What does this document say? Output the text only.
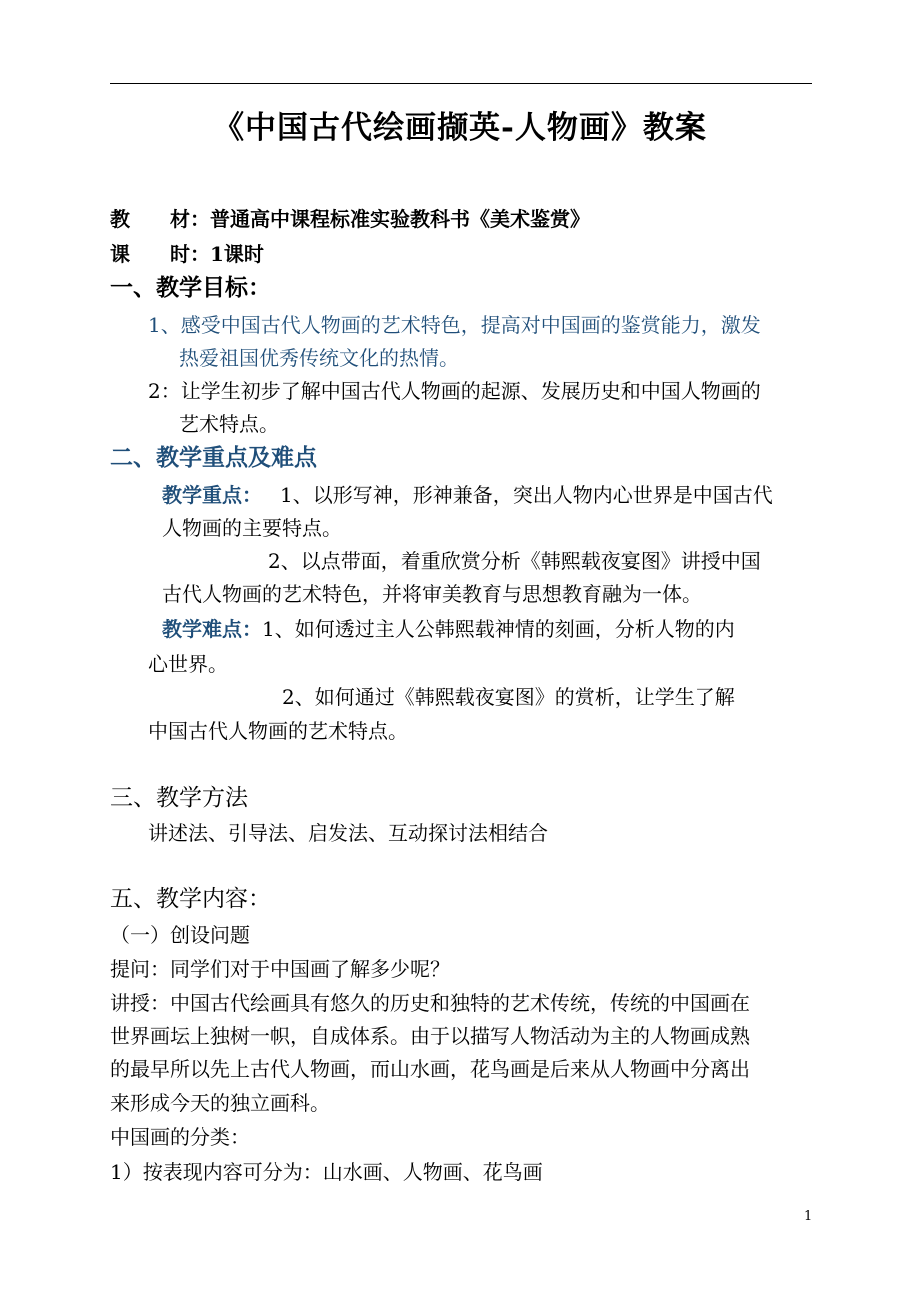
《中国古代绘画撷英-人物画》教案
教　　材：普通高中课程标准实验教科书《美术鉴赏》
课　　时：1课时
一、教学目标：
1、感受中国古代人物画的艺术特色，提高对中国画的鉴赏能力，激发
热爱祖国优秀传统文化的热情。
2：让学生初步了解中国古代人物画的起源、发展历史和中国人物画的
艺术特点。
二、教学重点及难点
教学重点： 1、以形写神，形神兼备，突出人物内心世界是中国古代
人物画的主要特点。
2、以点带面，着重欣赏分析《韩熙载夜宴图》讲授中国
古代人物画的艺术特色，并将审美教育与思想教育融为一体。
教学难点：1、如何透过主人公韩熙载神情的刻画，分析人物的内
心世界。
2、如何通过《韩熙载夜宴图》的赏析，让学生了解
中国古代人物画的艺术特点。
三、教学方法
讲述法、引导法、启发法、互动探讨法相结合
五、教学内容：
（一）创设问题
提问：同学们对于中国画了解多少呢？
讲授：中国古代绘画具有悠久的历史和独特的艺术传统，传统的中国画在
世界画坛上独树一帜，自成体系。由于以描写人物活动为主的人物画成熟
的最早所以先上古代人物画，而山水画，花鸟画是后来从人物画中分离出
来形成今天的独立画科。
中国画的分类：
1）按表现内容可分为：山水画、人物画、花鸟画
1
